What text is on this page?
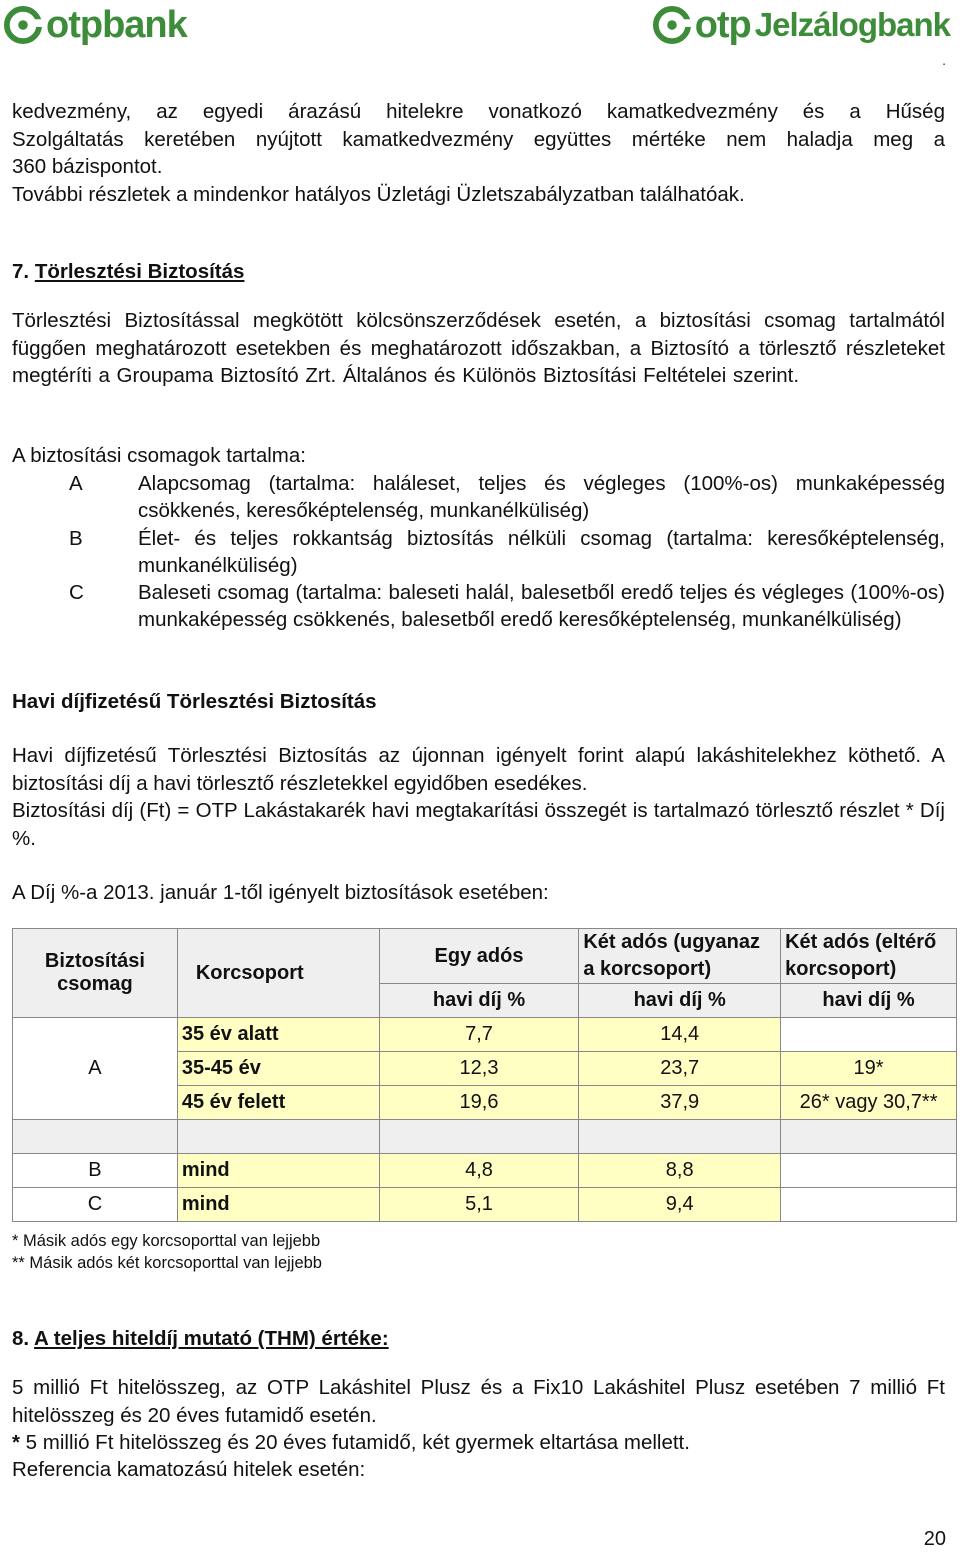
otpbank	otp Jelzálogbank
.
kedvezmény, az egyedi árazású hitelekre vonatkozó kamatkedvezmény és a Hűség
Szolgáltatás keretében nyújtott kamatkedvezmény együttes mértéke nem haladja meg a
360 bázispontot.
További részletek a mindenkor hatályos Üzletági Üzletszabályzatban találhatóak.
7. Törlesztési Biztosítás
Törlesztési Biztosítással megkötött kölcsönszerződések esetén, a biztosítási csomag tartalmától függően meghatározott esetekben és meghatározott időszakban, a Biztosító a törlesztő részleteket megtéríti a Groupama Biztosító Zrt. Általános és Különös Biztosítási Feltételei szerint.
A biztosítási csomagok tartalma:
A	Alapcsomag (tartalma: haláleset, teljes és végleges (100%-os) munkaképesség csökkenés, keresőképtelenség, munkanélküliség)
B	Élet- és teljes rokkantság biztosítás nélküli csomag (tartalma: keresőképtelenség, munkanélküliség)
C	Baleseti csomag (tartalma: baleseti halál, balesetből eredő teljes és végleges (100%-os) munkaképesség csökkenés, balesetből eredő keresőképtelenség, munkanélküliség)
Havi díjfizetésű Törlesztési Biztosítás
Havi díjfizetésű Törlesztési Biztosítás az újonnan igényelt forint alapú lakáshitelekhez köthető. A biztosítási díj a havi törlesztő részletekkel egyidőben esedékes.
Biztosítási díj (Ft) = OTP Lakástakarék havi megtakarítási összegét is tartalmazó törlesztő részlet * Díj %.
A Díj %-a 2013. január 1-től igényelt biztosítások esetében:
Biztosítási csomag	Korcsoport	Egy adós	Két adós (ugyanaz a korcsoport)	Két adós (eltérő korcsoport)
		havi díj %	havi díj %	havi díj %
A	35 év alatt	7,7	14,4	
	35-45 év	12,3	23,7	19*
	45 év felett	19,6	37,9	26* vagy 30,7**

B	mind	4,8	8,8	
C	mind	5,1	9,4	
* Másik adós egy korcsoporttal van lejjebb
** Másik adós két korcsoporttal van lejjebb
8. A teljes hiteldíj mutató (THM) értéke:
5 millió Ft hitelösszeg, az OTP Lakáshitel Plusz és a Fix10 Lakáshitel Plusz esetében 7 millió Ft hitelösszeg és 20 éves futamidő esetén.
* 5 millió Ft hitelösszeg és 20 éves futamidő, két gyermek eltartása mellett.
Referencia kamatozású hitelek esetén:
20
